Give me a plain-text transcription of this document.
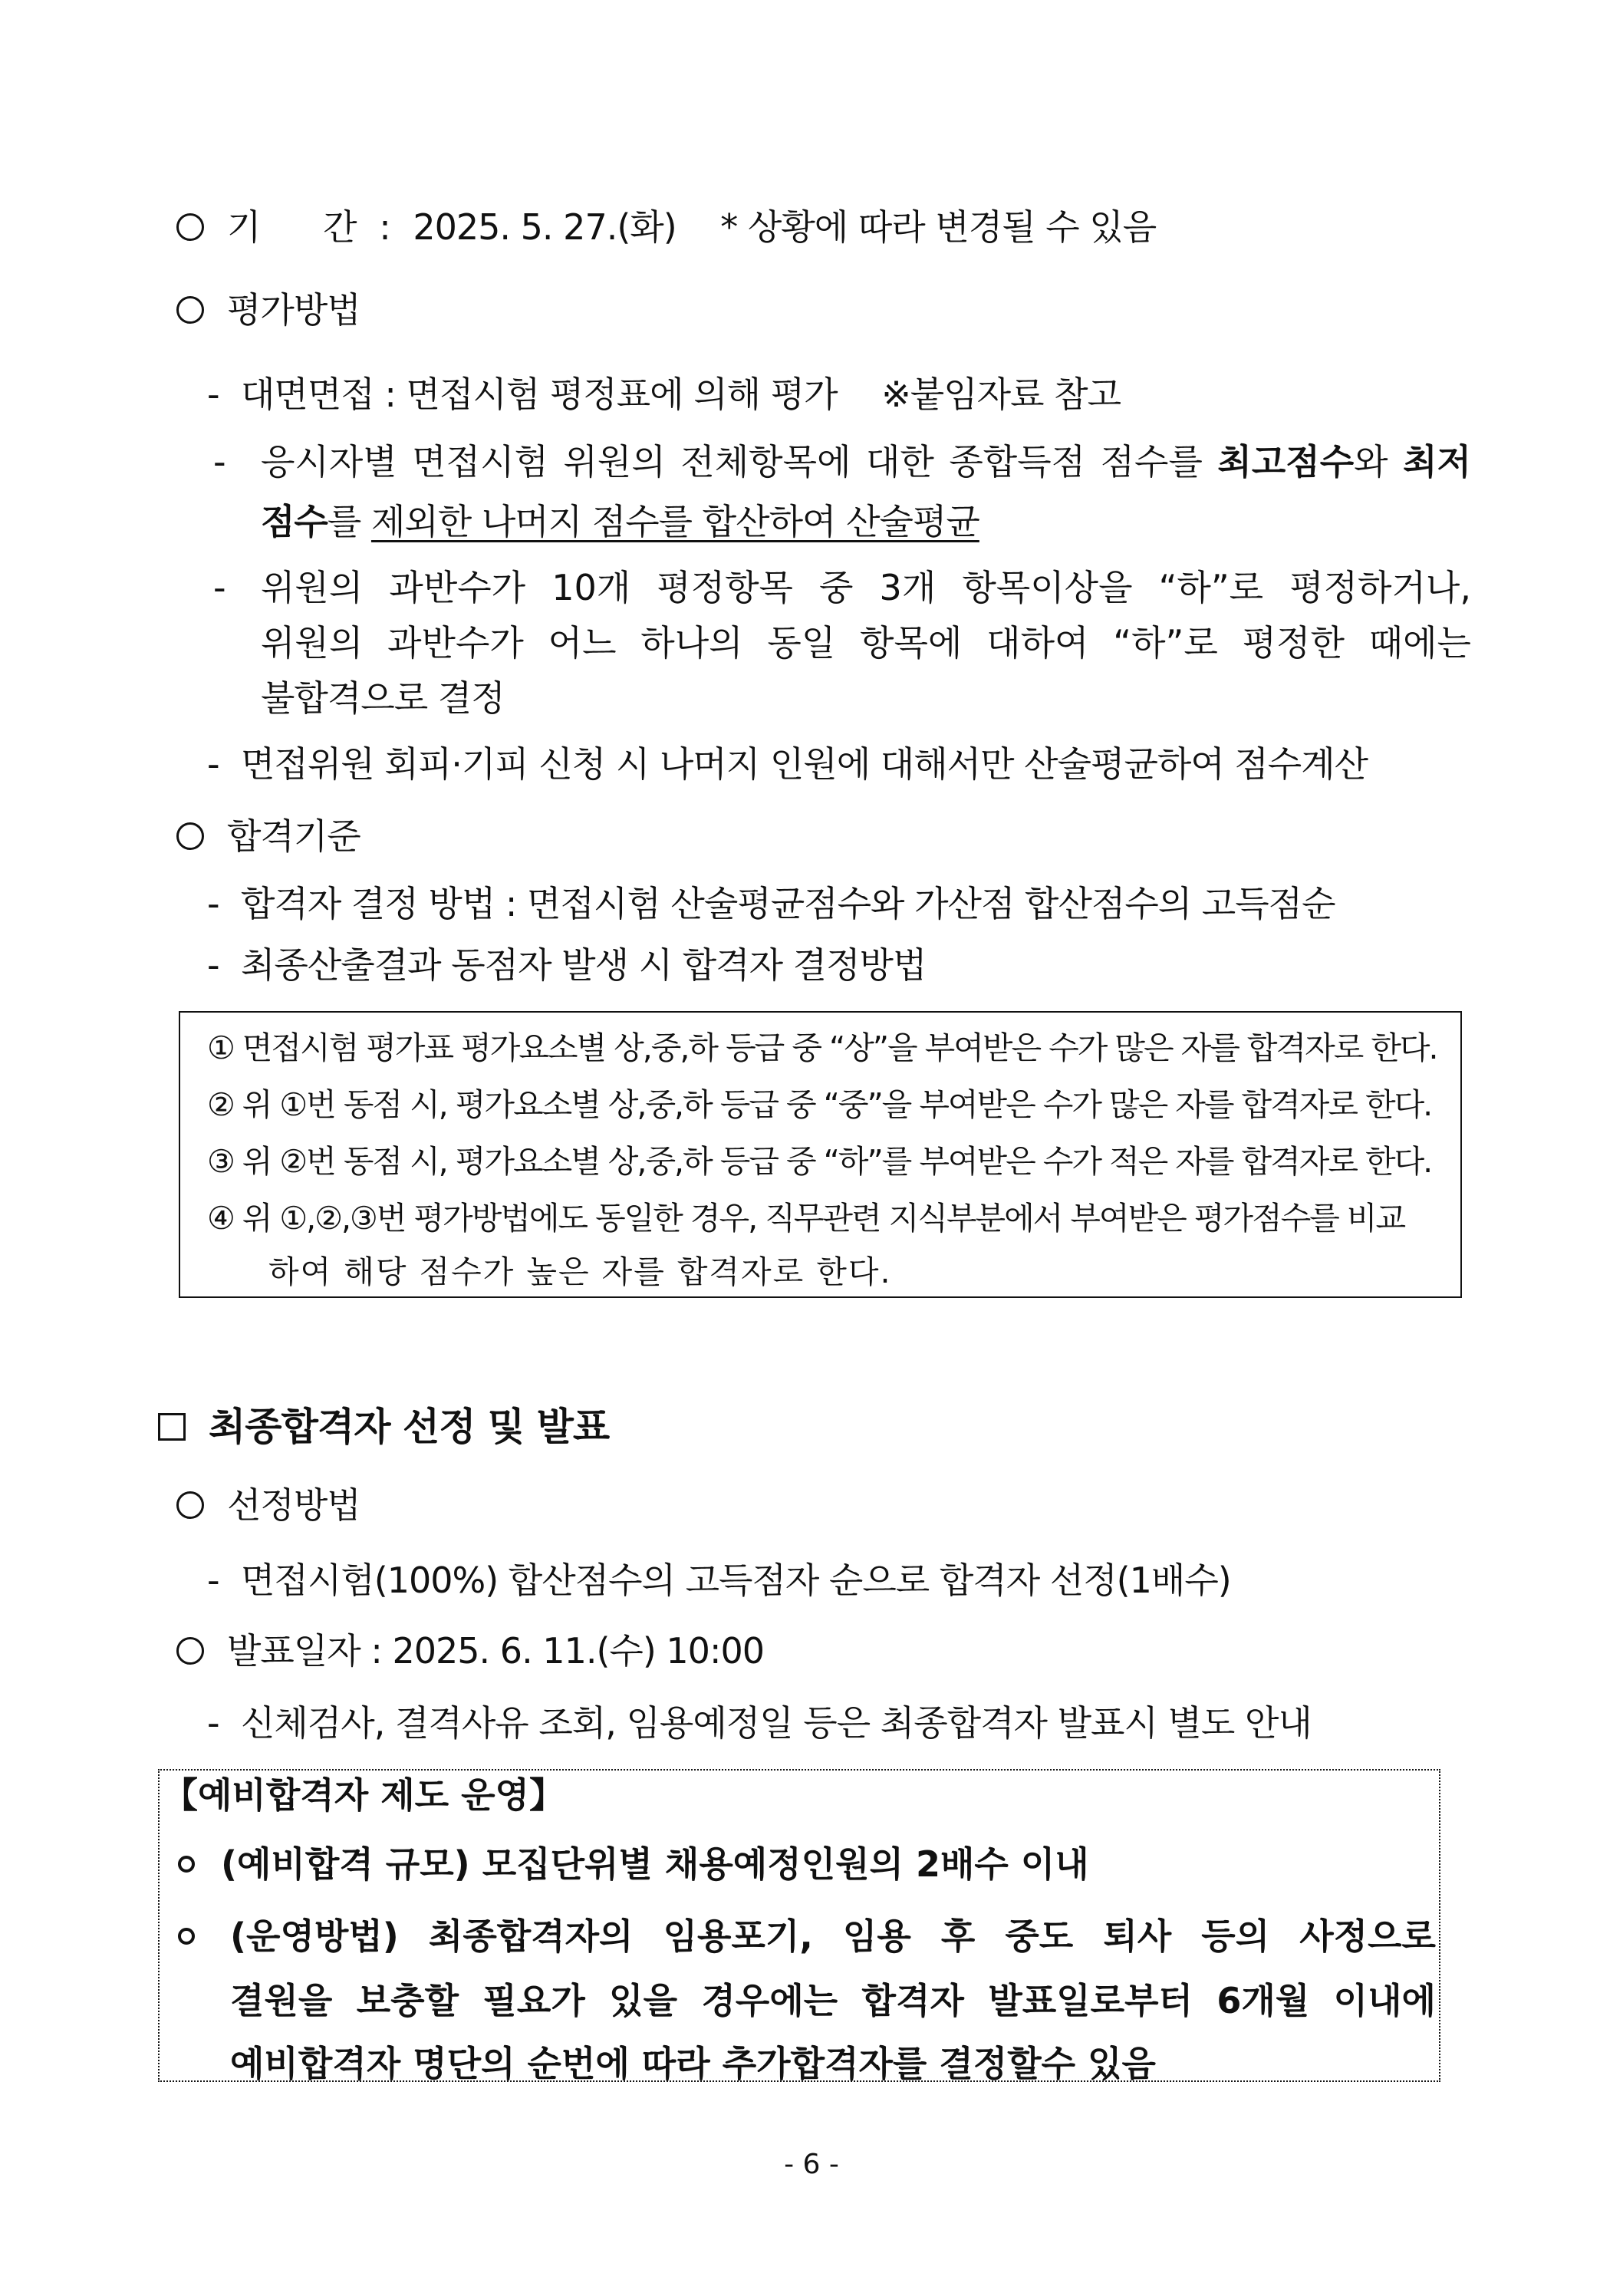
기      간 : 2025. 5. 27.(화) * 상황에 따라 변경될 수 있음
평가방법
- 대면면접 : 면접시험 평정표에 의해 평가 ※붙임자료 참고
- 응시자별 면접시험 위원의 전체항목에 대한 종합득점 점수를 최고점수와 최저
점수를 제외한 나머지 점수를 합산하여 산술평균
- 위원의 과반수가 10개 평정항목 중 3개 항목이상을 “하”로 평정하거나,
위원의 과반수가 어느 하나의 동일 항목에 대하여 “하”로 평정한 때에는
불합격으로 결정
- 면접위원 회피·기피 신청 시 나머지 인원에 대해서만 산술평균하여 점수계산
합격기준
- 합격자 결정 방법 : 면접시험 산술평균점수와 가산점 합산점수의 고득점순
- 최종산출결과 동점자 발생 시 합격자 결정방법
① 면접시험 평가표 평가요소별 상,중,하 등급 중 “상”을 부여받은 수가 많은 자를 합격자로 한다.
② 위 ①번 동점 시, 평가요소별 상,중,하 등급 중 “중”을 부여받은 수가 많은 자를 합격자로 한다.
③ 위 ②번 동점 시, 평가요소별 상,중,하 등급 중 “하”를 부여받은 수가 적은 자를 합격자로 한다.
④ 위 ①,②,③번 평가방법에도 동일한 경우, 직무관련 지식부분에서 부여받은 평가점수를 비교
하여 해당 점수가 높은 자를 합격자로 한다.
최종합격자 선정 및 발표
선정방법
- 면접시험(100%) 합산점수의 고득점자 순으로 합격자 선정(1배수)
발표일자 : 2025. 6. 11.(수) 10:00
- 신체검사, 결격사유 조회, 임용예정일 등은 최종합격자 발표시 별도 안내
【예비합격자 제도 운영】
(예비합격 규모) 모집단위별 채용예정인원의 2배수 이내
(운영방법) 최종합격자의 임용포기, 임용 후 중도 퇴사 등의 사정으로
결원을 보충할 필요가 있을 경우에는 합격자 발표일로부터 6개월 이내에
예비합격자 명단의 순번에 따라 추가합격자를 결정할수 있음
- 6 -
